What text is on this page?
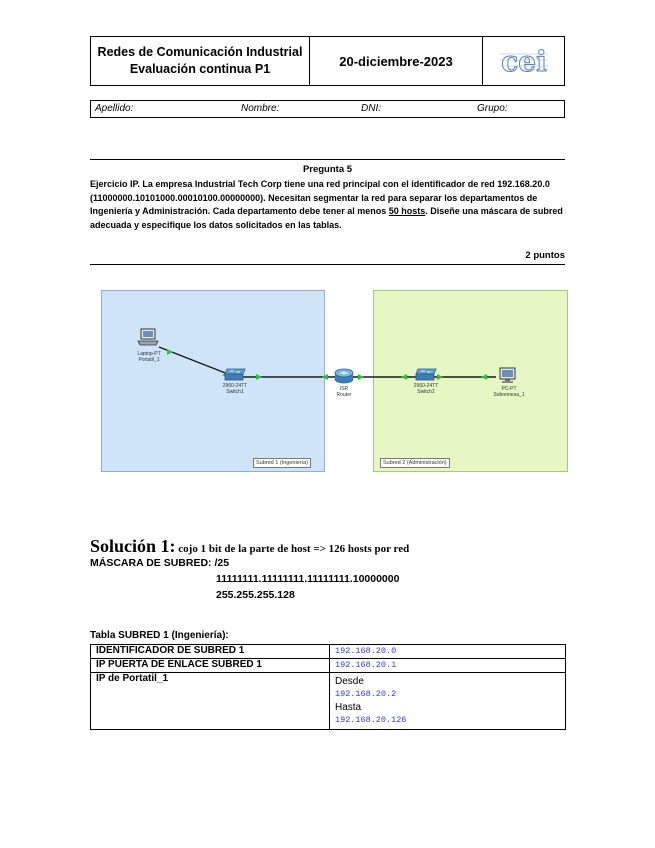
Redes de Comunicación Industrial
Evaluación continua P1
20-diciembre-2023	cei
Apellido:	Nombre:	DNI:	Grupo:
Pregunta 5
Ejercicio IP. La empresa Industrial Tech Corp tiene una red principal con el identificador de red 192.168.20.0 (11000000.10101000.00010100.00000000). Necesitan segmentar la red para separar los departamentos de Ingeniería y Administración. Cada departamento debe tener al menos 50 hosts. Diseñe una máscara de subred adecuada y especifique los datos solicitados en las tablas.
2 puntos
Laptop-PT
Portatil_1
2960-24TT
Switch1	ISR
Router
2960-24TT
Switch2	PC-PT
Sobremesa_1
Subred 1 (Ingeniería)	Subred 2 (Administración)
Solución 1: cojo 1 bit de la parte de host => 126 hosts por red
MÁSCARA DE SUBRED: /25
11111111.11111111.11111111.10000000
255.255.255.128
Tabla SUBRED 1 (Ingeniería):
IDENTIFICADOR DE SUBRED 1	192.168.20.0
IP PUERTA DE ENLACE SUBRED 1	192.168.20.1
IP de Portatil_1	Desde
192.168.20.2
Hasta
192.168.20.126
